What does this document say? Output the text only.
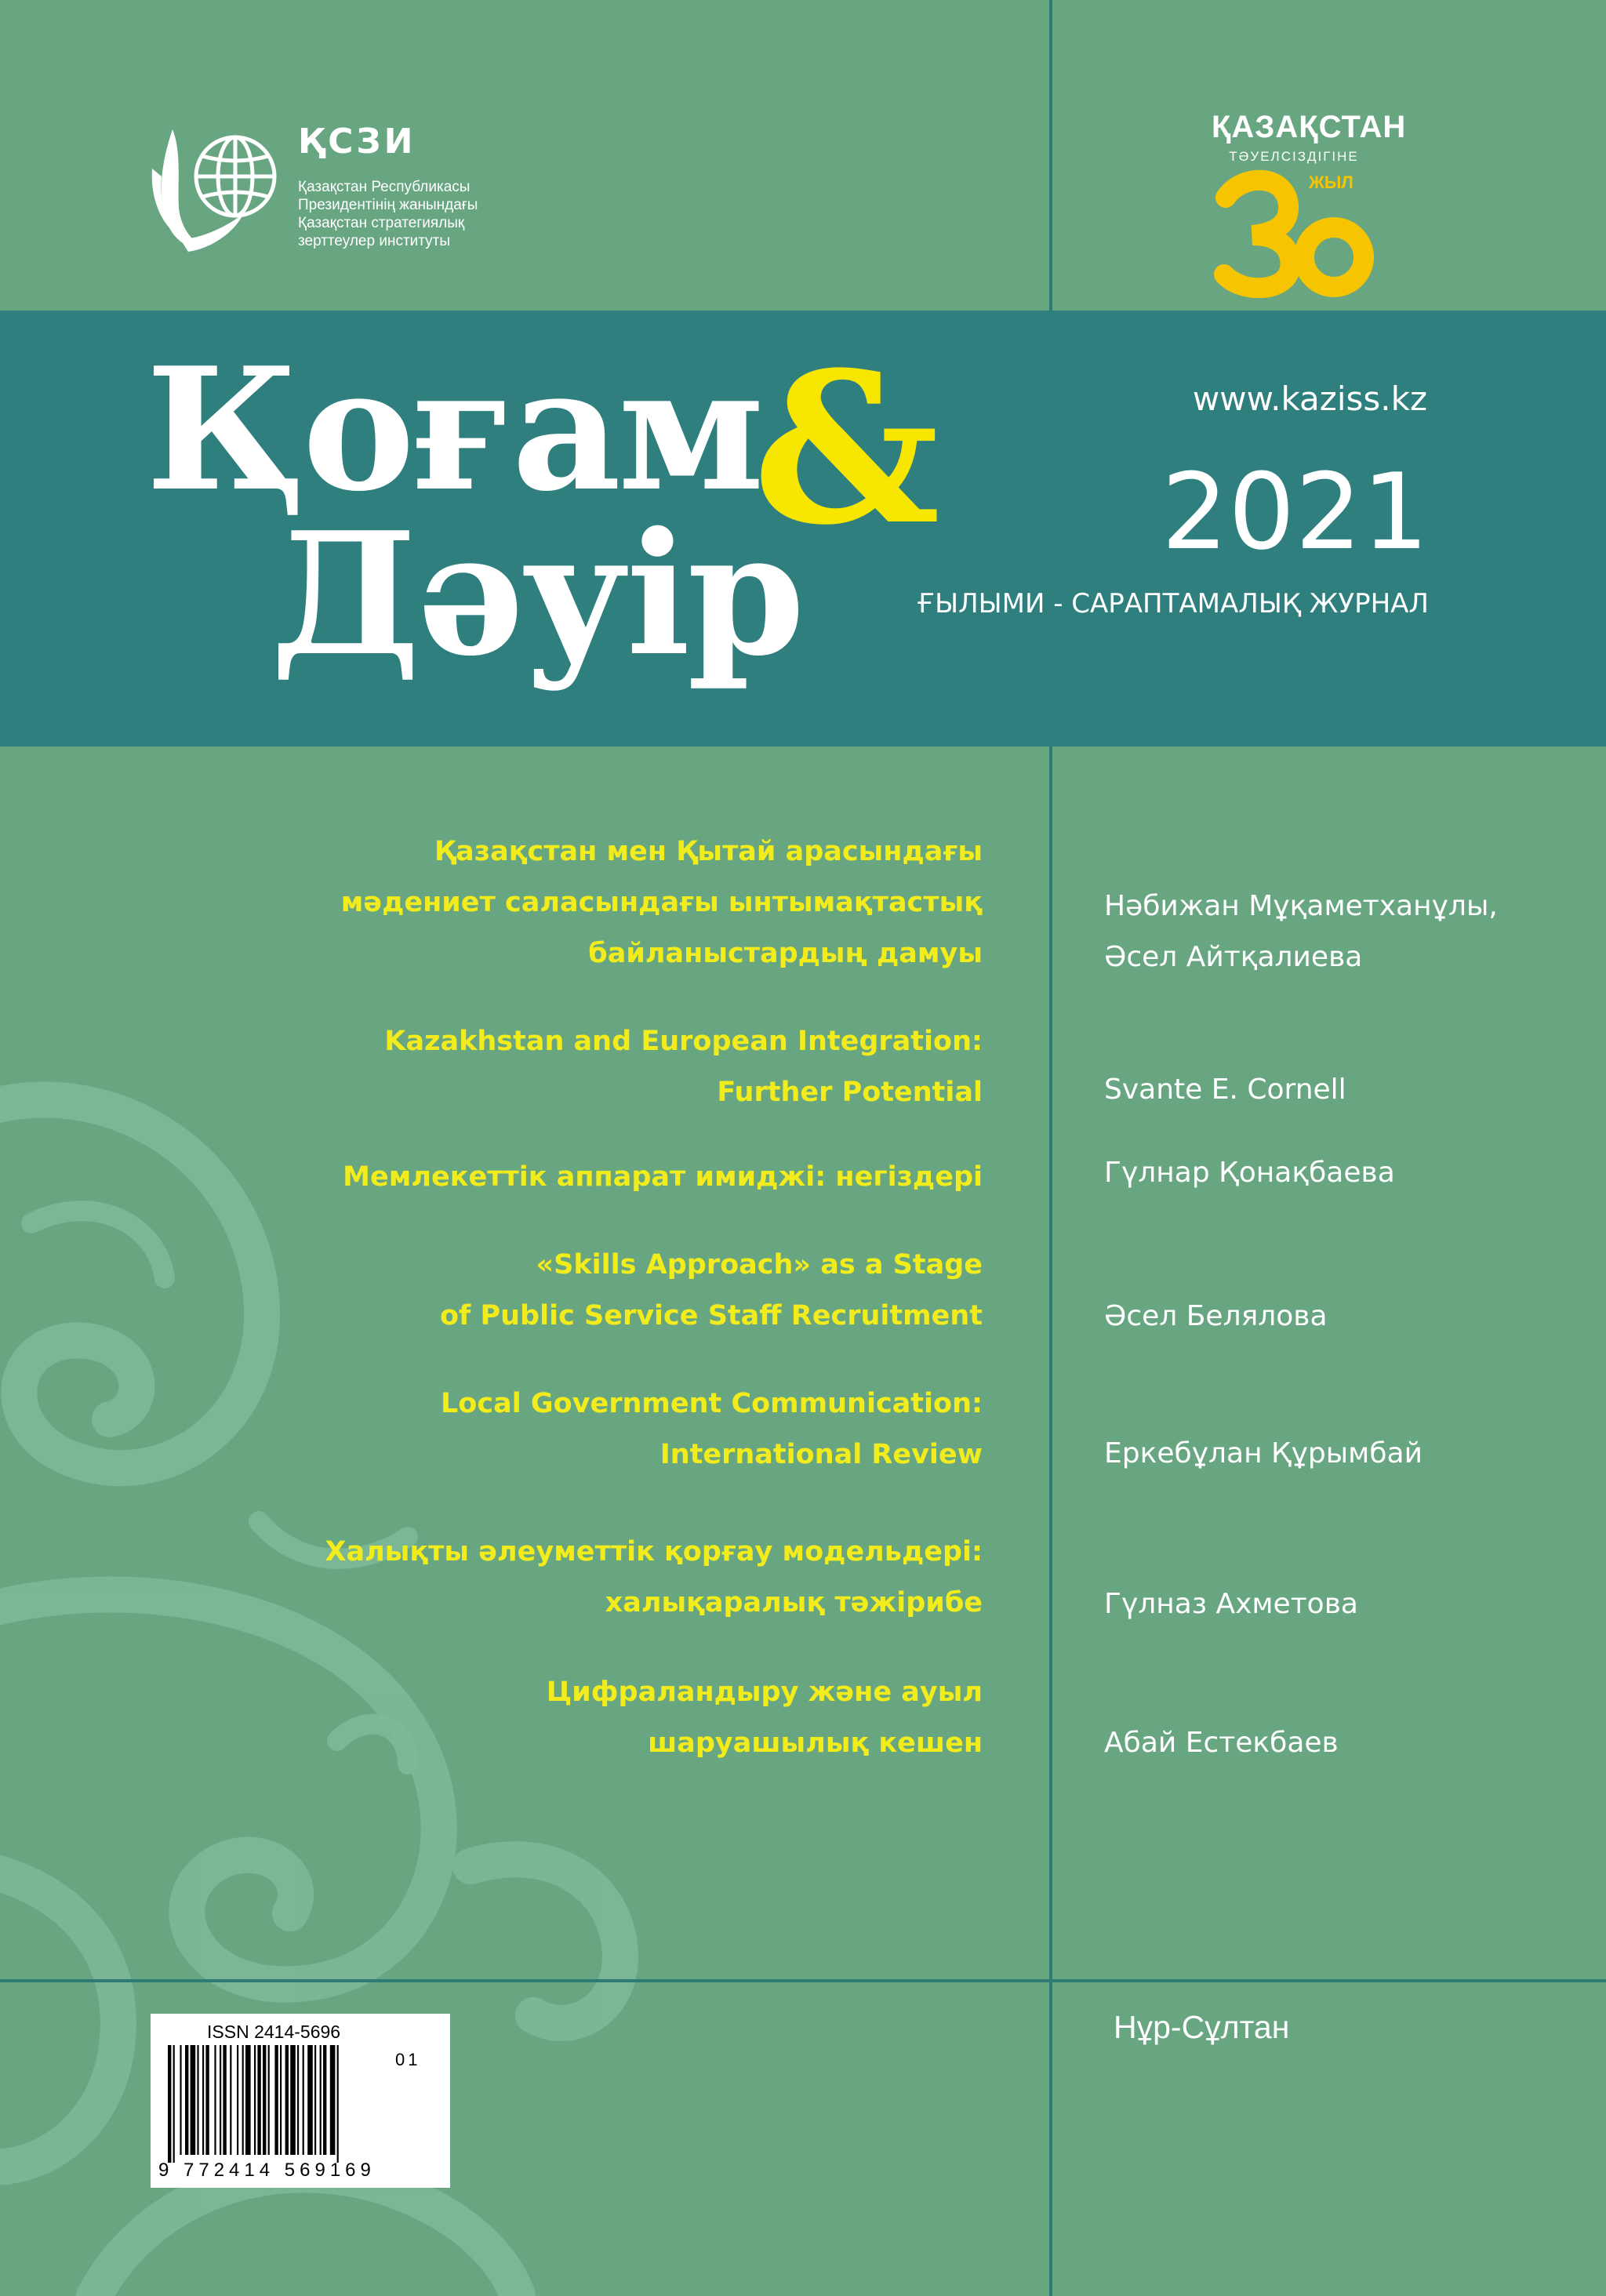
ҚСЗИ
Қазақстан Республикасы
Президентінің жанындағы
Қазақстан стратегиялық
зерттеулер институты
ҚАЗАҚСТАН
ТӘУЕЛСІЗДІГІНЕ
ЖЫЛ
Қоғам
&
Дәуір
www.kaziss.kz
2021
ҒЫЛЫМИ - САРАПТАМАЛЫҚ ЖУРНАЛ
Қазақстан мен Қытай арасындағы
мәдениет саласындағы ынтымақтастық
байланыстардың дамуы
Нәбижан Мұқаметханұлы,
Әсел Айтқалиева
Kazakhstan and European Integration:
Further Potential	Svante E. Cornell
Мемлекеттік аппарат имиджі: негіздері	Гүлнар Қонақбаева
«Skills Approach» as a Stage
of Public Service Staff Recruitment	Әсел Белялова
Local Government Communication:
International Review	Еркебұлан Құрымбай
Халықты әлеуметтік қорғау модельдері:
халықаралық тәжірибе	Гүлназ Ахметова
Цифраландыру және ауыл
шаруашылық кешен	Абай Естекбаев
ISSN 2414-5696
01
9 772414 569169
Нұр-Сұлтан
